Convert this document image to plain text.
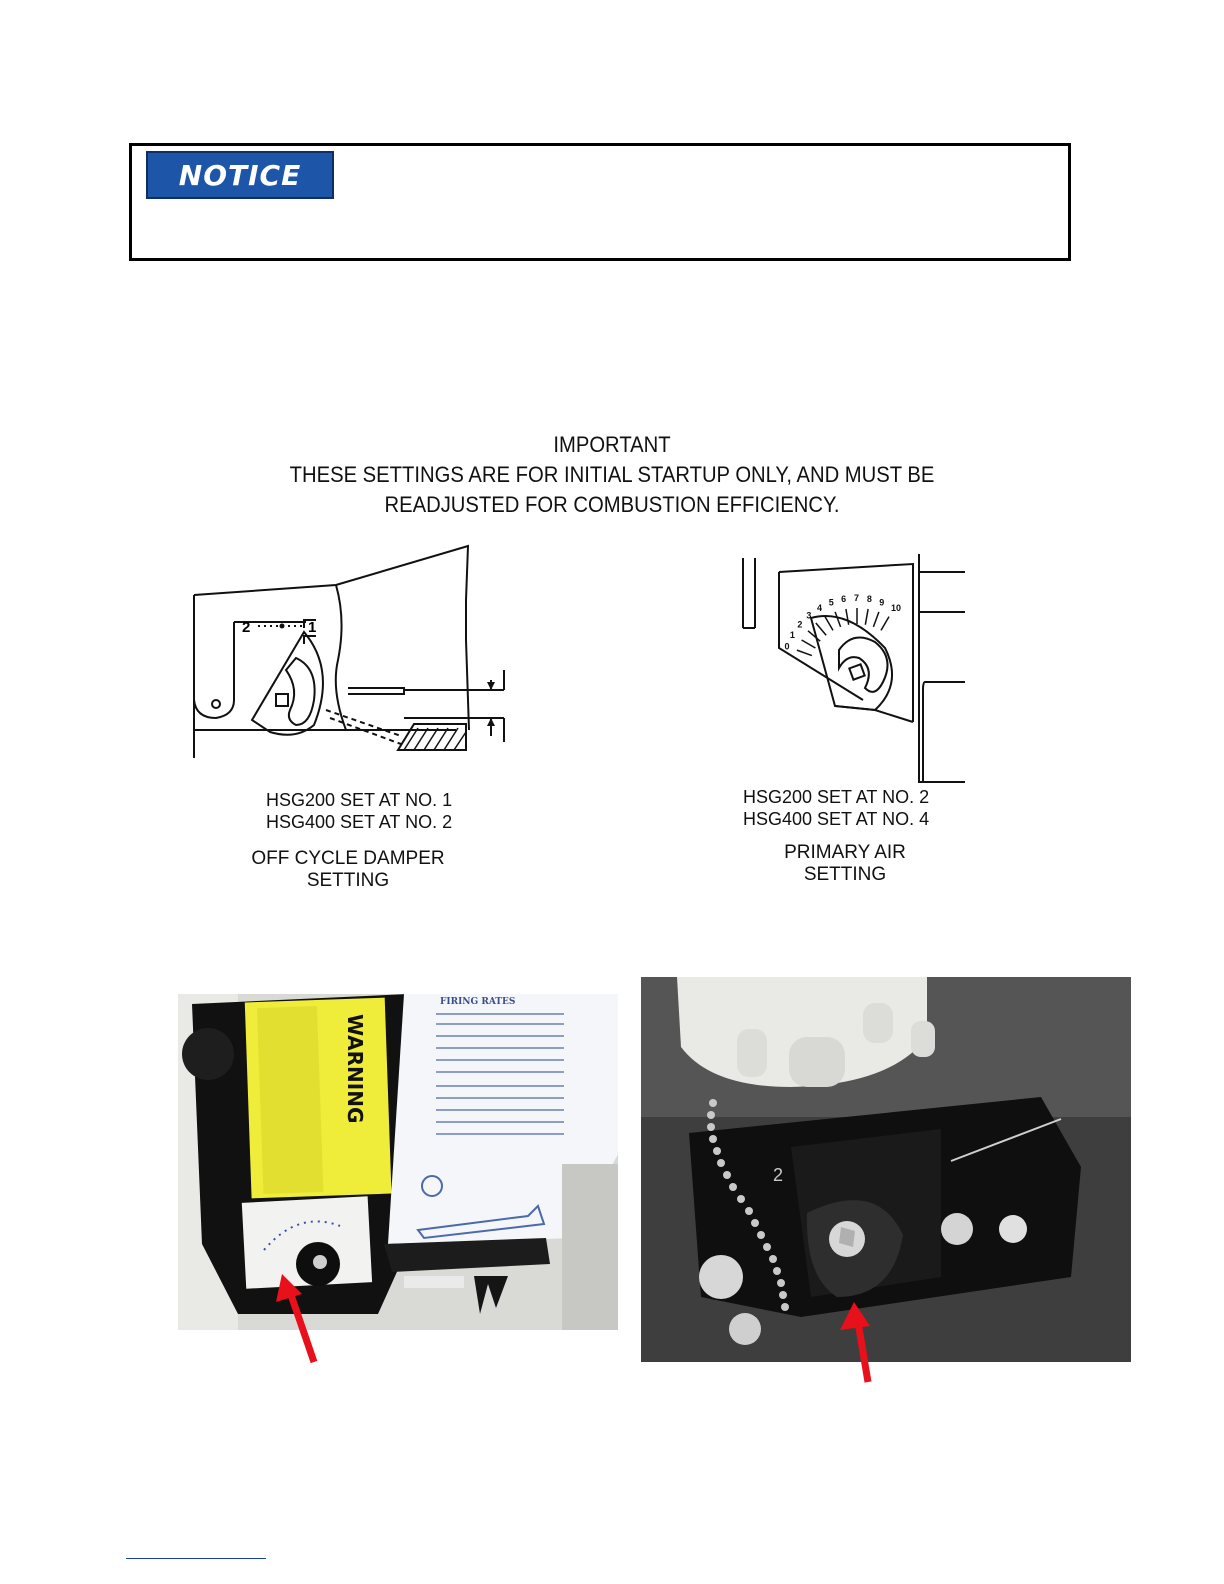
NOTICE
IMPORTANT
THESE SETTINGS ARE FOR INITIAL STARTUP ONLY, AND MUST BE
READJUSTED FOR COMBUSTION EFFICIENCY.
2	1
HSG200 SET AT NO. 1
HSG400 SET AT NO. 2
OFF CYCLE DAMPER
SETTING
0
1
2
3
4
5 6 7 8 9
10
HSG200 SET AT NO. 2
HSG400 SET AT NO. 4
PRIMARY AIR
SETTING
WARNING
FIRING RATES
2
